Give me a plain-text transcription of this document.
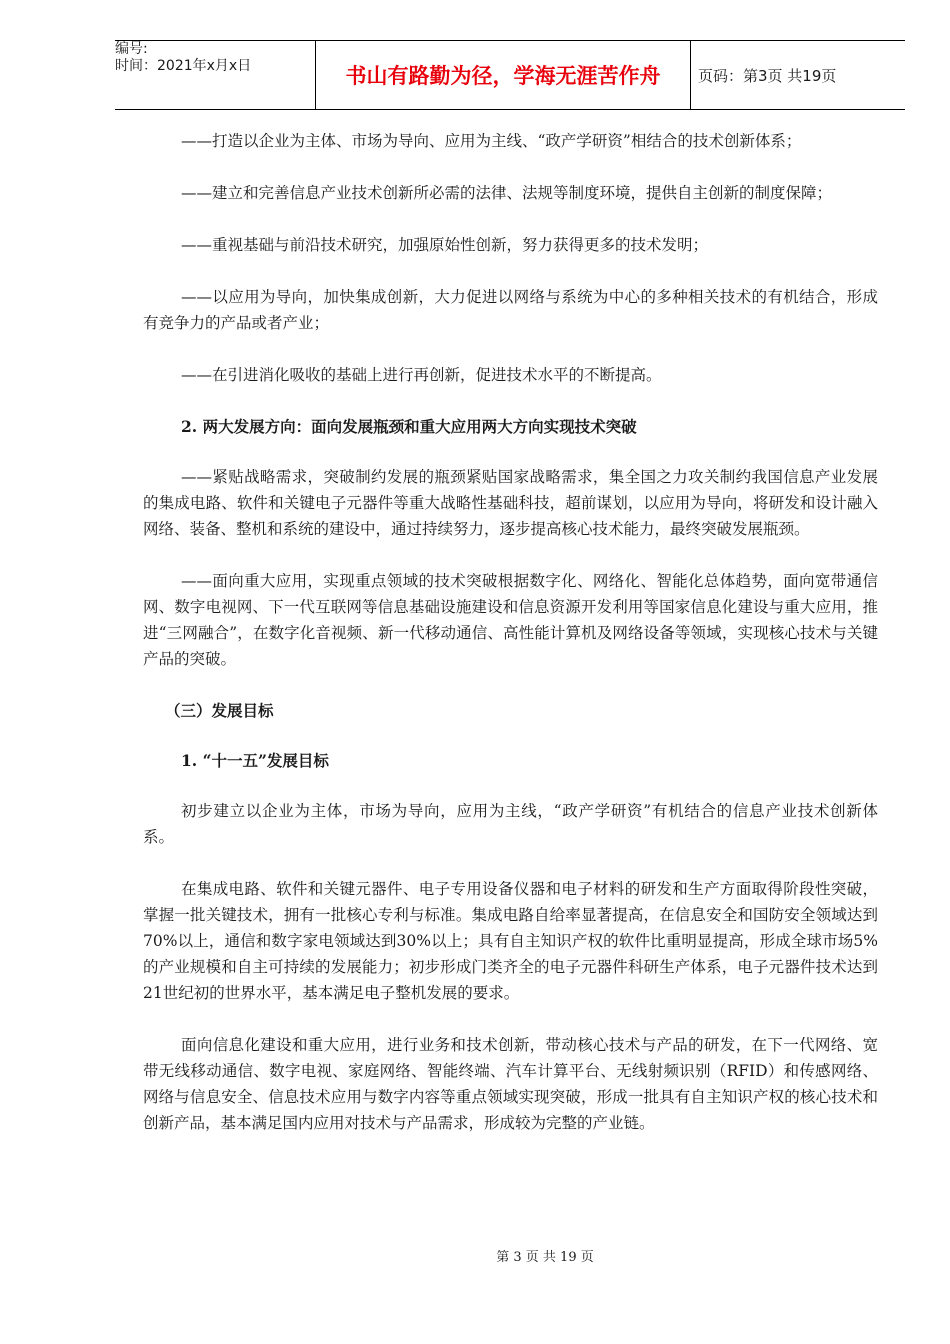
编号:
时间：2021年x月x日	书山有路勤为径，学海无涯苦作舟	页码：第3页 共19页

——打造以企业为主体、市场为导向、应用为主线、“政产学研资”相结合的技术创新体系；

——建立和完善信息产业技术创新所必需的法律、法规等制度环境，提供自主创新的制度保障；

——重视基础与前沿技术研究，加强原始性创新，努力获得更多的技术发明；

——以应用为导向，加快集成创新，大力促进以网络与系统为中心的多种相关技术的有机结合，形成有竞争力的产品或者产业；

——在引进消化吸收的基础上进行再创新，促进技术水平的不断提高。

2. 两大发展方向：面向发展瓶颈和重大应用两大方向实现技术突破

——紧贴战略需求，突破制约发展的瓶颈紧贴国家战略需求，集全国之力攻关制约我国信息产业发展的集成电路、软件和关键电子元器件等重大战略性基础科技，超前谋划，以应用为导向，将研发和设计融入网络、装备、整机和系统的建设中，通过持续努力，逐步提高核心技术能力，最终突破发展瓶颈。

——面向重大应用，实现重点领域的技术突破根据数字化、网络化、智能化总体趋势，面向宽带通信网、数字电视网、下一代互联网等信息基础设施建设和信息资源开发利用等国家信息化建设与重大应用，推进“三网融合”，在数字化音视频、新一代移动通信、高性能计算机及网络设备等领域，实现核心技术与关键产品的突破。

（三）发展目标
1. “十一五”发展目标

初步建立以企业为主体，市场为导向，应用为主线，“政产学研资”有机结合的信息产业技术创新体系。

在集成电路、软件和关键元器件、电子专用设备仪器和电子材料的研发和生产方面取得阶段性突破，掌握一批关键技术，拥有一批核心专利与标准。集成电路自给率显著提高，在信息安全和国防安全领域达到70%以上，通信和数字家电领域达到30%以上；具有自主知识产权的软件比重明显提高，形成全球市场5%的产业规模和自主可持续的发展能力；初步形成门类齐全的电子元器件科研生产体系，电子元器件技术达到21世纪初的世界水平，基本满足电子整机发展的要求。

面向信息化建设和重大应用，进行业务和技术创新，带动核心技术与产品的研发，在下一代网络、宽带无线移动通信、数字电视、家庭网络、智能终端、汽车计算平台、无线射频识别（RFID）和传感网络、网络与信息安全、信息技术应用与数字内容等重点领域实现突破，形成一批具有自主知识产权的核心技术和创新产品，基本满足国内应用对技术与产品需求，形成较为完整的产业链。

第 3 页 共 19 页
